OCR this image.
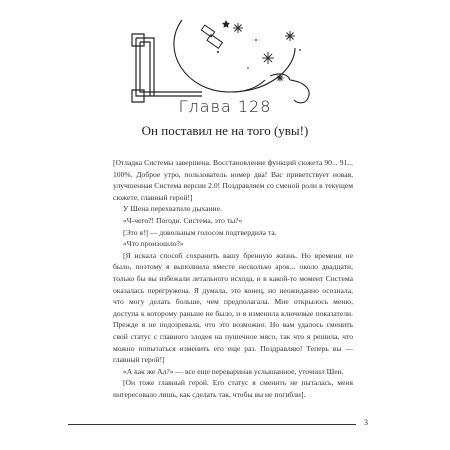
Глава 128
Он поставил не на того (увы!)

[Отладка Системы завершена. Восстановление функций сюжета 90... 91... 100%. Доброе утро, пользователь номер два! Вас приветствует новая, улучшенная Система версии 2.0! Поздравляем со сменой роли в текущем сюжете, главный герой!]

У Шена перехватило дыхание.

«Ч-чего?! Погоди. Система, это ты?»

[Это я!] — довольным голосом подтвердила та.

«Что произошло?»

[Я искала способ сохранить вашу бренную жизнь. Но времени не было, поэтому я выполнила вместе несколько арок... около двадцати, только бы вы избежали летального исхода, и в какой-то момент Система оказалась перегружена. Я думала, это конец, но неожиданно осознала, что могу делать больше, чем предполагала. Мне открылось меню, доступа к которому раньше не было, и я изменила ключевые показатели. Прежде я не подозревала, что это возможно. Но вам удалось сменить свой статус с главного злодея на пушечное мясо, так что я решила, что можно попытаться изменить его еще раз. Поздравляю! Теперь вы — главный герой!]

«А как же Ал?» — все еще перевариная услышанное, уточнил Шен.

[Он тоже главный герой. Его статус я сменить не пыталась, меня интересовало лишь, как сделать так, чтобы вы не погибли].

3
